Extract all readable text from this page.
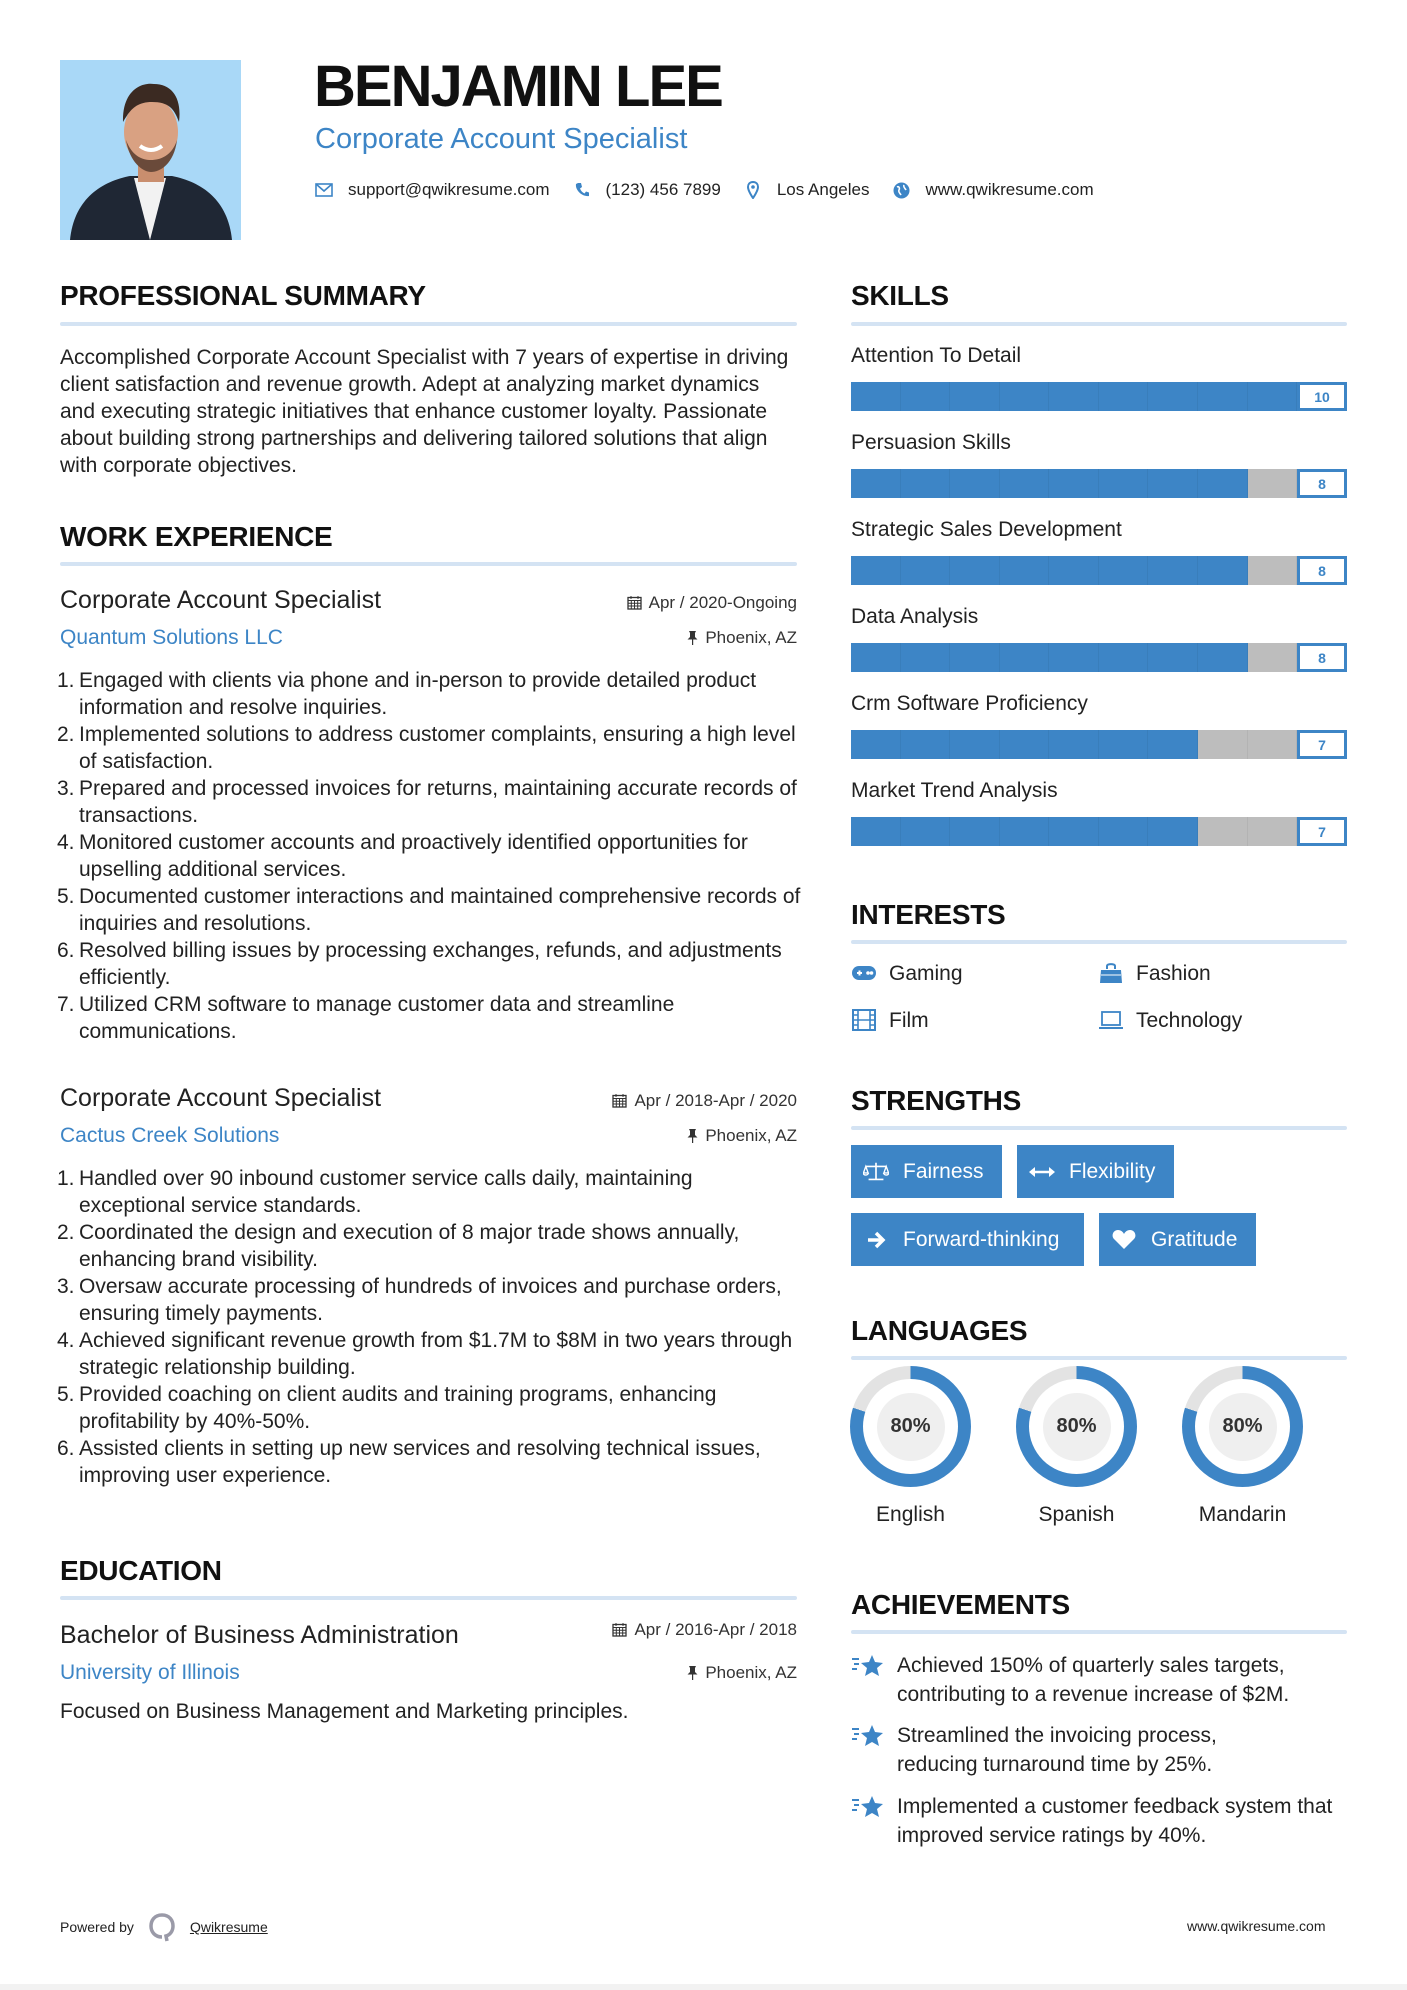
BENJAMIN LEE
Corporate Account Specialist
support@qwikresume.com	(123) 456 7899	Los Angeles	www.qwikresume.com
PROFESSIONAL SUMMARY

Accomplished Corporate Account Specialist with 7 years of expertise in driving client satisfaction and revenue growth. Adept at analyzing market dynamics and executing strategic initiatives that enhance customer loyalty. Passionate about building strong partnerships and delivering tailored solutions that align with corporate objectives.

WORK EXPERIENCE
Corporate Account Specialist	Apr / 2020-Ongoing
Quantum Solutions LLC	Phoenix, AZ
1. Engaged with clients via phone and in-person to provide detailed product information and resolve inquiries.
2. Implemented solutions to address customer complaints, ensuring a high level of satisfaction.
3. Prepared and processed invoices for returns, maintaining accurate records of transactions.
4. Monitored customer accounts and proactively identified opportunities for upselling additional services.
5. Documented customer interactions and maintained comprehensive records of inquiries and resolutions.
6. Resolved billing issues by processing exchanges, refunds, and adjustments efficiently.
7. Utilized CRM software to manage customer data and streamline communications.
Corporate Account Specialist	Apr / 2018-Apr / 2020
Cactus Creek Solutions	Phoenix, AZ
1. Handled over 90 inbound customer service calls daily, maintaining exceptional service standards.
2. Coordinated the design and execution of 8 major trade shows annually, enhancing brand visibility.
3. Oversaw accurate processing of hundreds of invoices and purchase orders, ensuring timely payments.
4. Achieved significant revenue growth from $1.7M to $8M in two years through strategic relationship building.
5. Provided coaching on client audits and training programs, enhancing profitability by 40%-50%.
6. Assisted clients in setting up new services and resolving technical issues, improving user experience.
EDUCATION
Bachelor of Business Administration	Apr / 2016-Apr / 2018
University of Illinois	Phoenix, AZ

Focused on Business Management and Marketing principles.

SKILLS
Attention To Detail
10
Persuasion Skills
8
Strategic Sales Development
8
Data Analysis
8
Crm Software Proficiency
7
Market Trend Analysis
7
INTERESTS
Gaming	Fashion
Film	Technology
STRENGTHS
Fairness	Flexibility
Forward-thinking	Gratitude
LANGUAGES
80%
English
80%
Spanish
80%
Mandarin
ACHIEVEMENTS
Achieved 150% of quarterly sales targets, contributing to a revenue increase of $2M.
Streamlined the invoicing process, reducing turnaround time by 25%.
Implemented a customer feedback system that improved service ratings by 40%.
Powered by	Qwikresume	www.qwikresume.com
